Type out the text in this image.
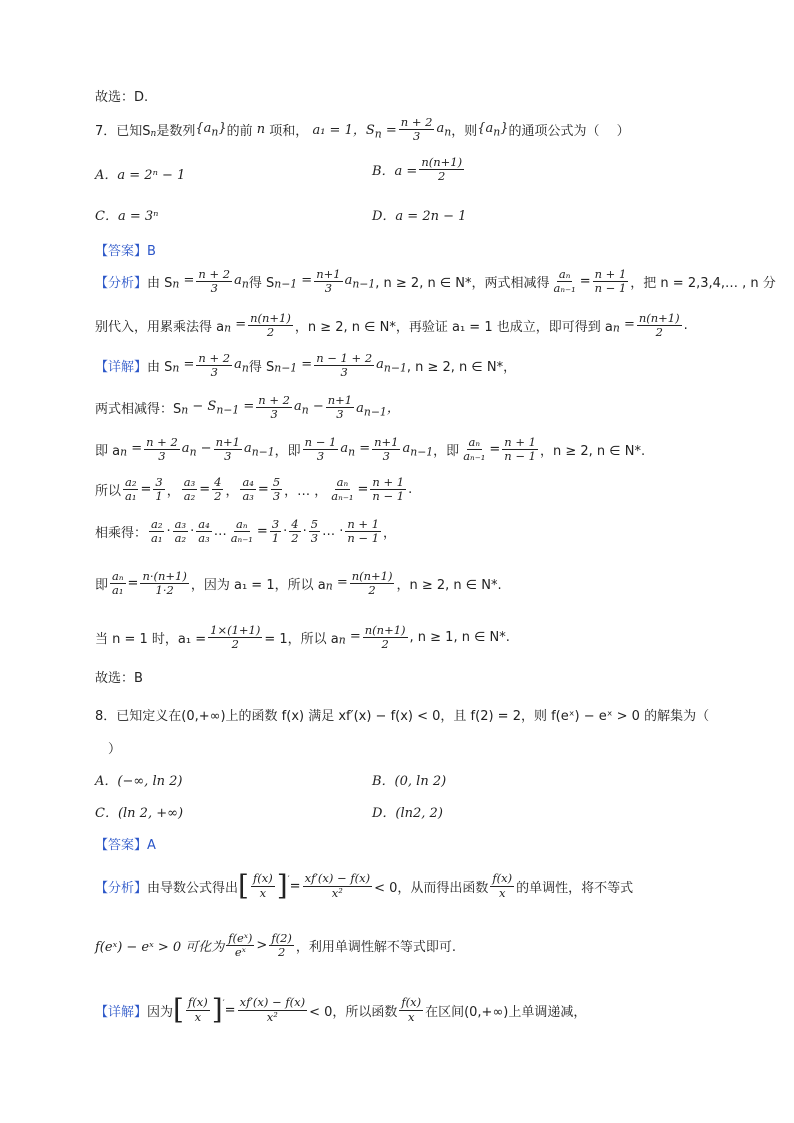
故选：D.
7．已知S n 是数列 $\{a_n\}$ 的前 n 项和， a₁ = 1，$S_n = \frac{n + 2}{3} a_n$ ，则 $\{a_n\}$ 的通项公式为（　 ）
A．a = 2ⁿ − 1	B．$a = \frac{n(n+1)}{2}$
C．a = 3ⁿ	D．a = 2n − 1
【答案】B
【分析】 由 S $_n = \frac{n + 2}{3} a_n$ 得 S $_{n-1} = \frac{n+1}{3} a_{n-1}$ , n ≥ 2, n ∈ N*，两式相减得 $\frac{\text{aₙ}}{\text{aₙ₋₁}} = \frac{n + 1}{n - 1}$ ，把 n = 2,3,4,… , n 分
别代入，用累乘法得 a $_n = \frac{n(n+1)}{2}$ ，n ≥ 2, n ∈ N*，再验证 a₁ = 1 也成立，即可得到 a $_n = \frac{n(n+1)}{2}$ .
【详解】 由 S $_n = \frac{n + 2}{3} a_n$ 得 S $_{n-1} = \frac{n - 1 + 2}{3} a_{n-1}$ , n ≥ 2, n ∈ N*，
两式相减得：S $_n - S_{n-1} = \frac{n + 2}{3} a_n - \frac{n+1}{3} a_{n-1}$，
即 a $_n = \frac{n + 2}{3} a_n - \frac{n+1}{3} a_{n-1}$ ，即 $\frac{n - 1}{3} a_n = \frac{n+1}{3} a_{n-1}$ ，即 $\frac{\text{aₙ}}{\text{aₙ₋₁}} = \frac{n + 1}{n - 1}$ ，n ≥ 2, n ∈ N*.
所以 $\frac{\text{a₂}}{\text{a₁}} = \frac{3}{1}$ ， $\frac{\text{a₃}}{\text{a₂}} = \frac{4}{2}$ ， $\frac{\text{a₄}}{\text{a₃}} = \frac{5}{3}$ ，… ， $\frac{\text{aₙ}}{\text{aₙ₋₁}} = \frac{n + 1}{n - 1}$ .
相乘得： $\frac{\text{a₂}}{\text{a₁}} \cdot \frac{\text{a₃}}{\text{a₂}} \cdot \frac{\text{a₄}}{\text{a₃}}$ … $\frac{\text{aₙ}}{\text{aₙ₋₁}} = \frac{3}{1} \cdot \frac{4}{2} \cdot \frac{5}{3}$ … · $\frac{n + 1}{n - 1}$ ，
即 $\frac{\text{aₙ}}{\text{a₁}} = \frac{n\cdot(n+1)}{1\cdot 2}$ ，因为 a₁ = 1，所以 a $_n = \frac{n(n+1)}{2}$ ，n ≥ 2, n ∈ N*.
当 n = 1 时，$a_1 = \frac{1\times(1+1)}{2} = 1$，所以 a $_n = \frac{n(n+1)}{2}$ , n ≥ 1, n ∈ N*.
故选：B
8．已知定义在(0,+∞)上的函数 f(x) 满足 xf′(x) − f(x) < 0，且 f(2) = 2，则 f(eˣ) − eˣ > 0 的解集为（
）
A．(−∞, ln 2)	B．(0, ln 2)
C．(ln 2, +∞)	D．(ln2, 2)
【答案】A
【分析】 由导数公式得出 [ $\frac{f(x)}{x}$ ] ′ = $\frac{xf'(x) - f(x)}{\text{x²}} < 0$，从而得出函数 $\frac{f(x)}{x}$ 的单调性，将不等式
f(eˣ) − eˣ > 0 可化为 $\frac{\text{f(eˣ)}}{\text{eˣ}} > \frac{f(2)}{2}$ ，利用单调性解不等式即可.
【详解】 因为 [ $\frac{f(x)}{x}$ ] ′ = $\frac{xf'(x) - f(x)}{\text{x²}} < 0$，所以函数 $\frac{f(x)}{x}$ 在区间(0,+∞)上单调递减，
